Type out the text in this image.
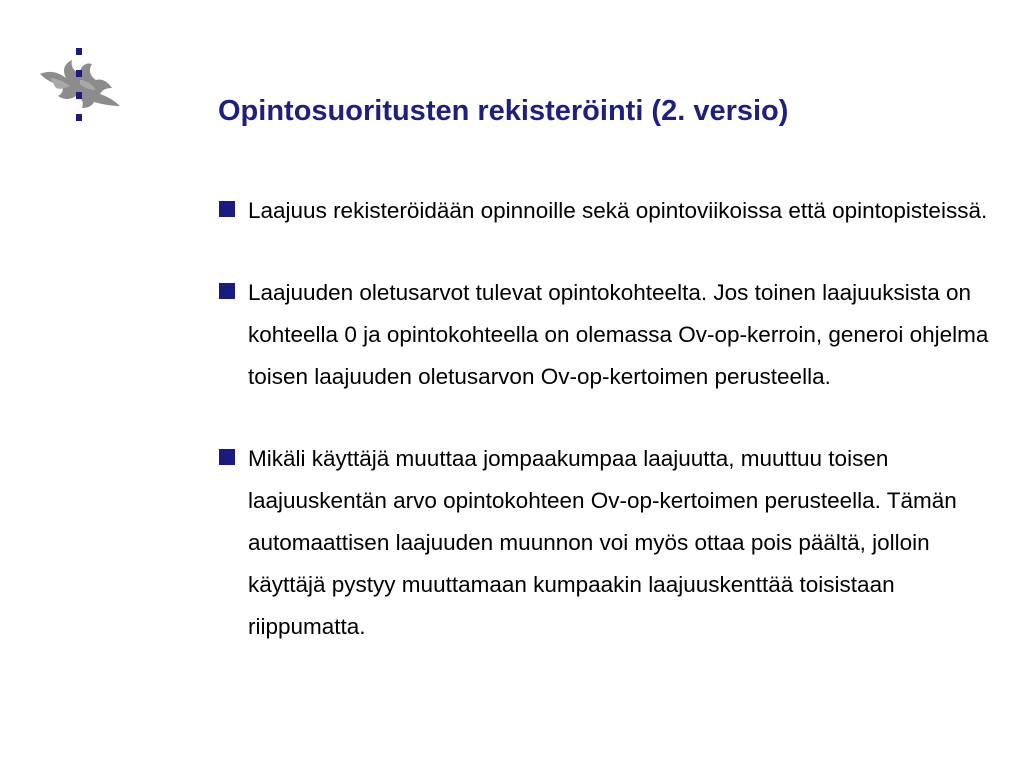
Opintosuoritusten rekisteröinti (2. versio)
Laajuus rekisteröidään opinnoille sekä opintoviikoissa että opintopisteissä.
Laajuuden oletusarvot tulevat opintokohteelta. Jos toinen laajuuksista on kohteella 0 ja opintokohteella on olemassa Ov-op-kerroin, generoi ohjelma toisen laajuuden oletusarvon Ov-op-kertoimen perusteella.
Mikäli käyttäjä muuttaa jompaakumpaa laajuutta, muuttuu toisen laajuuskentän arvo opintokohteen Ov-op-kertoimen perusteella. Tämän automaattisen laajuuden muunnon voi myös ottaa pois päältä, jolloin käyttäjä pystyy muuttamaan kumpaakin laajuuskenttää toisistaan riippumatta.
